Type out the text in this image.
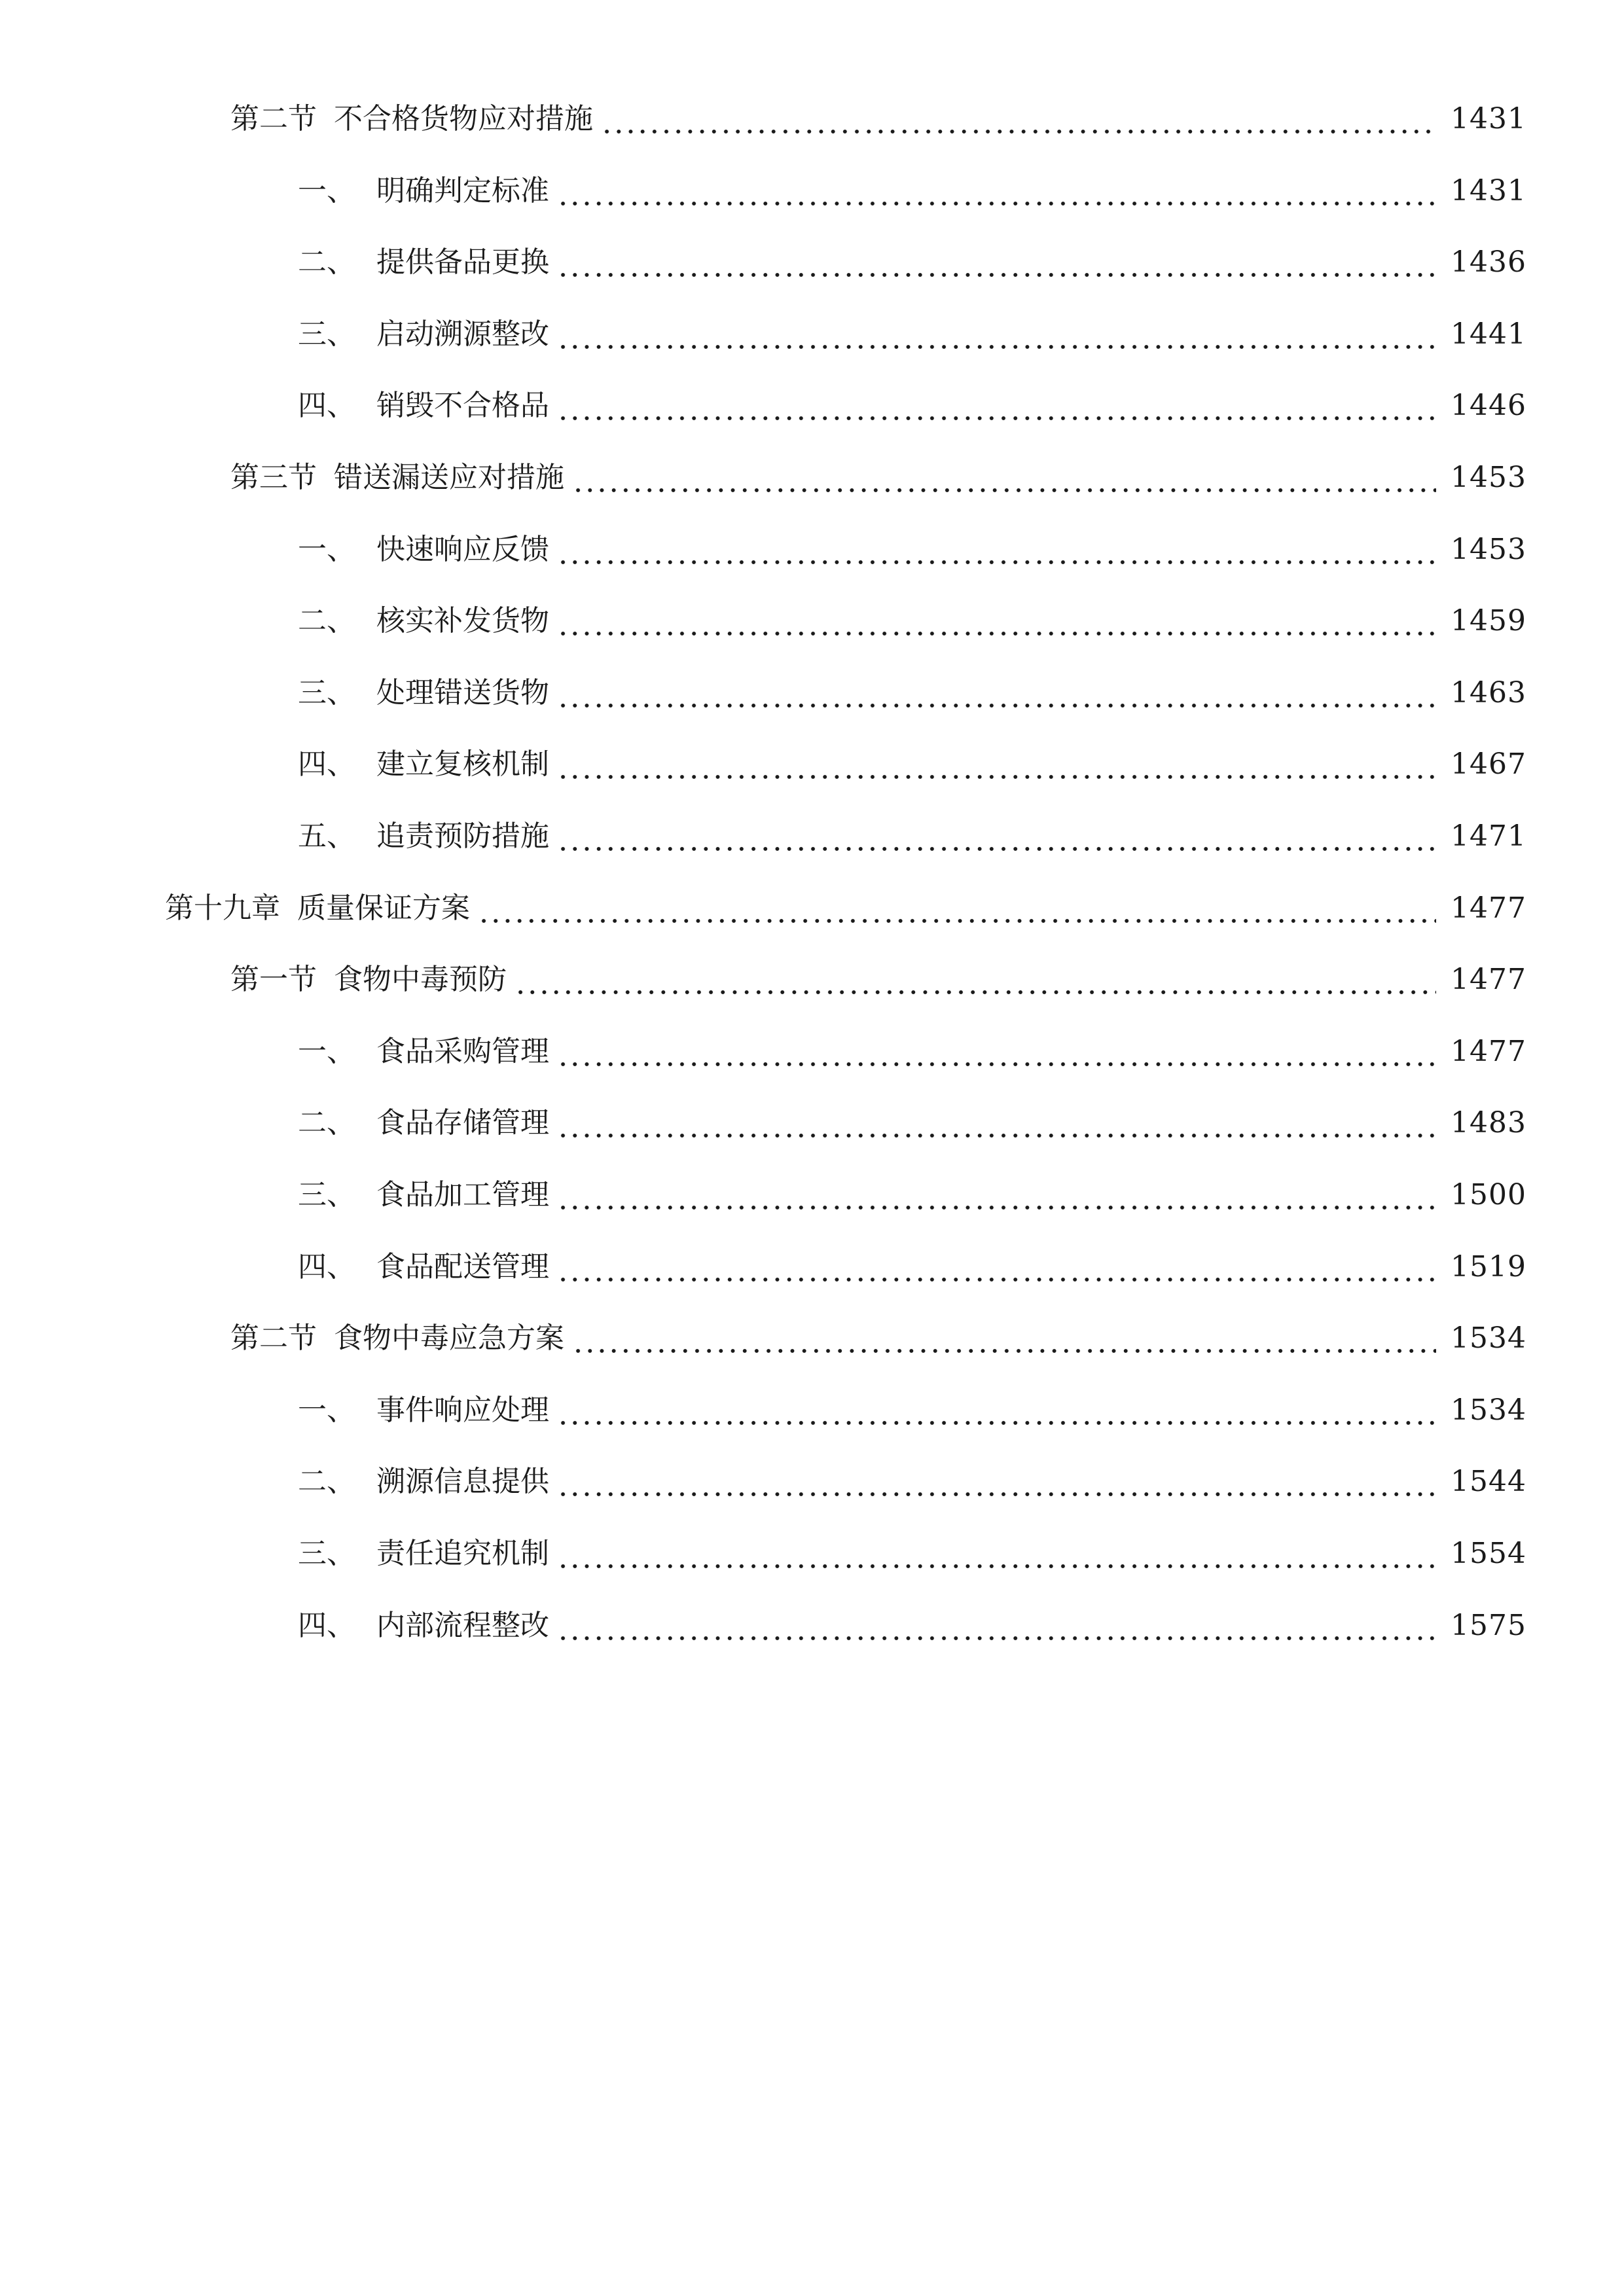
第二节 不合格货物应对措施	1431
一、 明确判定标准	1431
二、 提供备品更换	1436
三、 启动溯源整改	1441
四、 销毁不合格品	1446
第三节 错送漏送应对措施	1453
一、 快速响应反馈	1453
二、 核实补发货物	1459
三、 处理错送货物	1463
四、 建立复核机制	1467
五、 追责预防措施	1471
第十九章 质量保证方案	1477
第一节 食物中毒预防	1477
一、 食品采购管理	1477
二、 食品存储管理	1483
三、 食品加工管理	1500
四、 食品配送管理	1519
第二节 食物中毒应急方案	1534
一、 事件响应处理	1534
二、 溯源信息提供	1544
三、 责任追究机制	1554
四、 内部流程整改	1575
